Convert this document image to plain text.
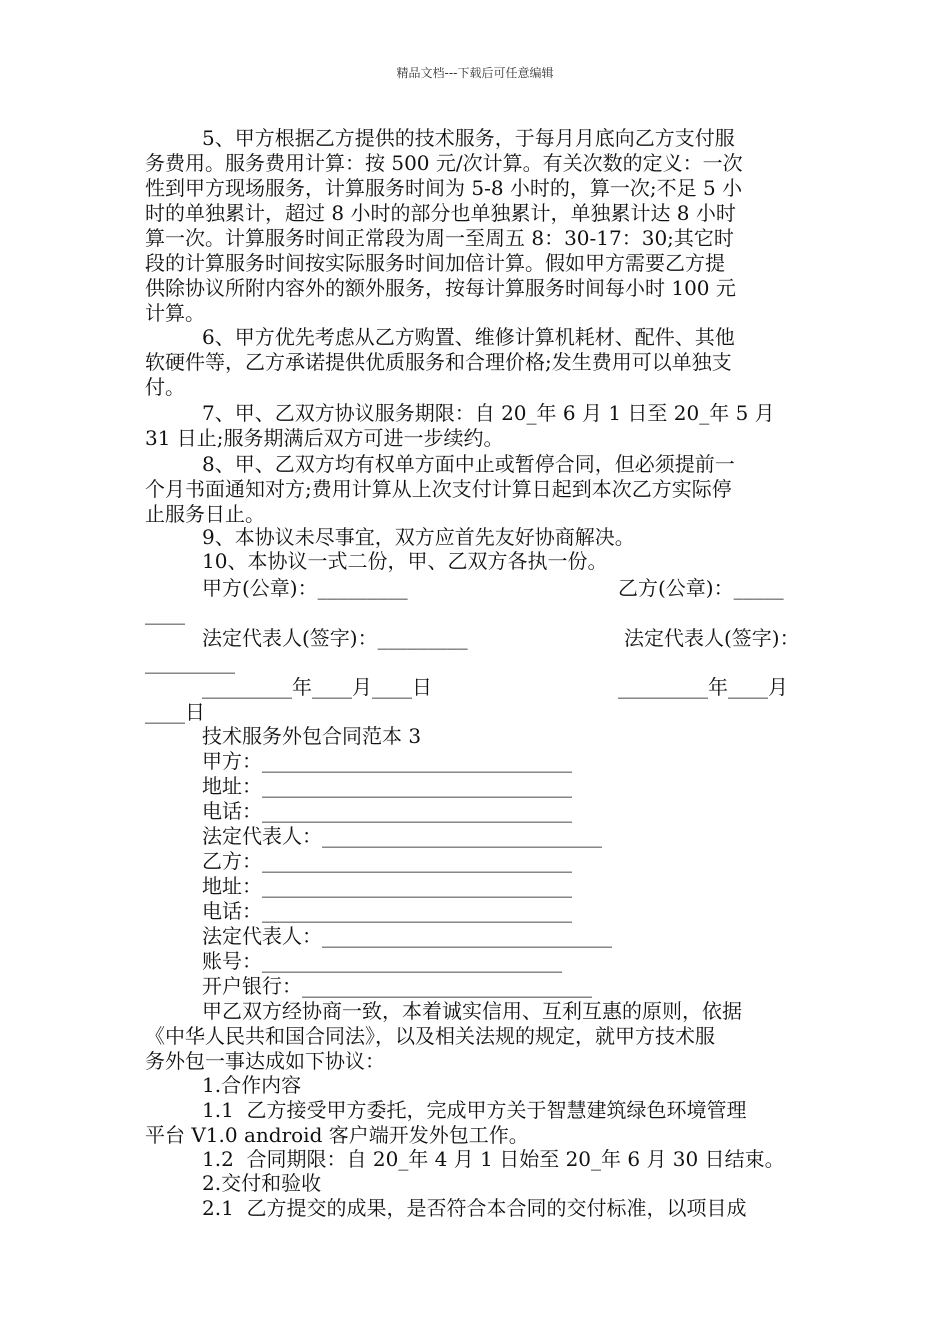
精品文档---下载后可任意编辑
5、甲方根据乙方提供的技术服务，于每月月底向乙方支付服
务费用。服务费用计算：按 500 元/次计算。有关次数的定义：一次
性到甲方现场服务，计算服务时间为 5-8 小时的，算一次;不足 5 小
时的单独累计，超过 8 小时的部分也单独累计，单独累计达 8 小时
算一次。计算服务时间正常段为周一至周五 8：30-17：30;其它时
段的计算服务时间按实际服务时间加倍计算。假如甲方需要乙方提
供除协议所附内容外的额外服务，按每计算服务时间每小时 100 元
计算。
6、甲方优先考虑从乙方购置、维修计算机耗材、配件、其他
软硬件等，乙方承诺提供优质服务和合理价格;发生费用可以单独支
付。
7、甲、乙双方协议服务期限：自 20_年 6 月 1 日至 20_年 5 月
31 日止;服务期满后双方可进一步续约。
8、甲、乙双方均有权单方面中止或暂停合同，但必须提前一
个月书面通知对方;费用计算从上次支付计算日起到本次乙方实际停
止服务日止。
9、本协议未尽事宜，双方应首先友好协商解决。
10、本协议一式二份，甲、乙双方各执一份。
甲方(公章)：_________	乙方(公章)：_____
____
法定代表人(签字)：_________	法定代表人(签字)：
_________
_________年____月____日	_________年____月
____日
技术服务外包合同范本 3
甲方：_______________________________
地址：_______________________________
电话：_______________________________
法定代表人：____________________________
乙方：_______________________________
地址：_______________________________
电话：_______________________________
法定代表人：_____________________________
账号：______________________________
开户银行：_____________________________
甲乙双方经协商一致，本着诚实信用、互利互惠的原则，依据
《中华人民共和国合同法》，以及相关法规的规定，就甲方技术服
务外包一事达成如下协议：
1.合作内容
1.1  乙方接受甲方委托，完成甲方关于智慧建筑绿色环境管理
平台 V1.0 android 客户端开发外包工作。
1.2  合同期限：自 20_年 4 月 1 日始至 20_年 6 月 30 日结束。
2.交付和验收
2.1  乙方提交的成果，是否符合本合同的交付标准，以项目成
